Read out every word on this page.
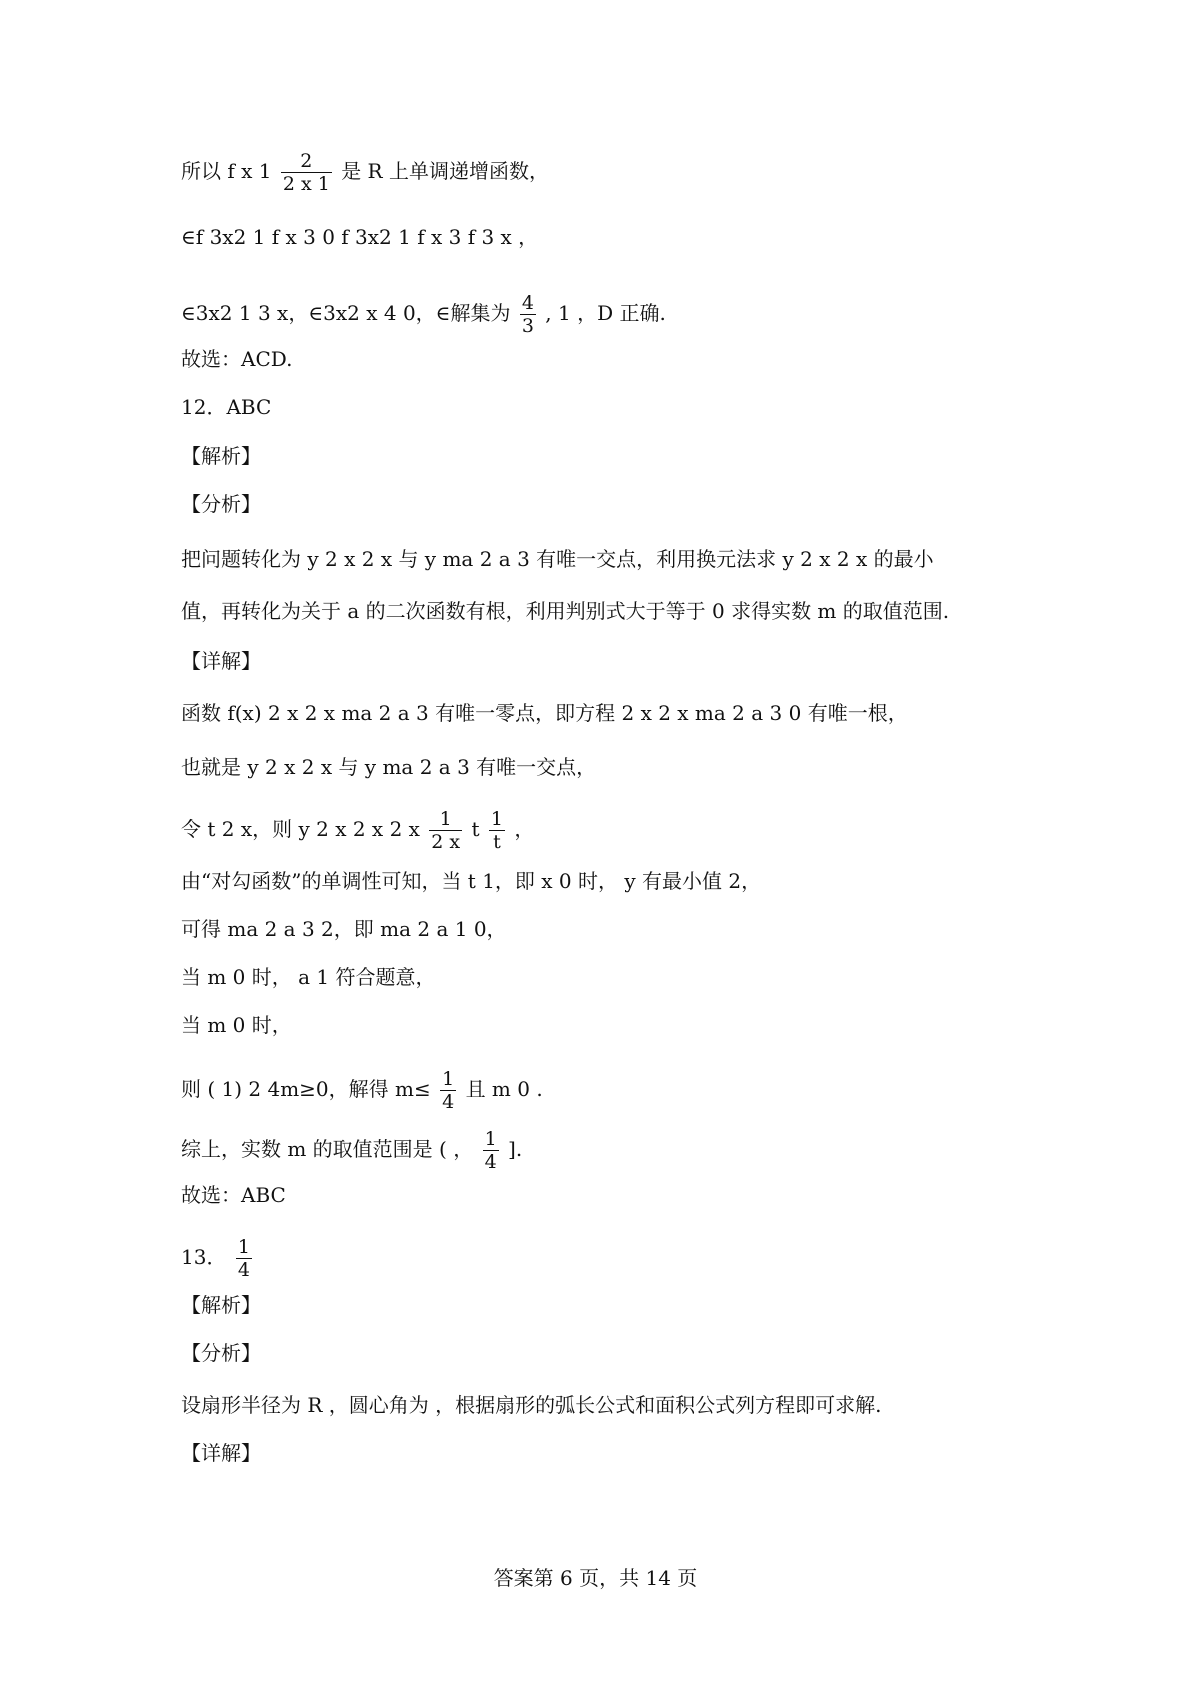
所以 f x $1 \frac{2}{2 x 1}$ 是 R 上单调递增函数，
∈f 3x2 1 f x 3 0 f 3x2 1 f x 3 f 3 x ，
∈3x2 1 3 x，∈3x2 x 4 0，∈解集为 $\frac{4}{3}$ , 1 ，D 正确.
故选：ACD.
12．ABC
【解析】
【分析】
把问题转化为 y 2 x 2 x 与 y ma 2 a 3 有唯一交点，利用换元法求 y 2 x 2 x 的最小
值，再转化为关于 a 的二次函数有根，利用判别式大于等于 0 求得实数 m 的取值范围.
【详解】
函数 f(x) 2 x 2 x ma 2 a 3 有唯一零点，即方程 2 x 2 x ma 2 a 3 0 有唯一根，
也就是 y 2 x 2 x 与 y ma 2 a 3 有唯一交点，
令 t 2 x，则 y 2 x 2 x 2 x $\frac{1}{2 x}$ t $\frac{1}{t}$ ，
由“对勾函数”的单调性可知，当 t 1，即 x 0 时， y 有最小值 2，
可得 ma 2 a 3 2，即 ma 2 a 1 0，
当 m 0 时， a 1 符合题意，
当 m 0 时，
则 ( 1) 2 4m≥0，解得 $m\le \frac{1}{4}$ 且 m 0 .
综上，实数 m 的取值范围是 ( ， $\frac{1}{4}$ ].
故选：ABC
13． $\frac{1}{4}$
【解析】
【分析】
设扇形半径为 R ，圆心角为 ，根据扇形的弧长公式和面积公式列方程即可求解.
【详解】
答案第 6 页，共 14 页
